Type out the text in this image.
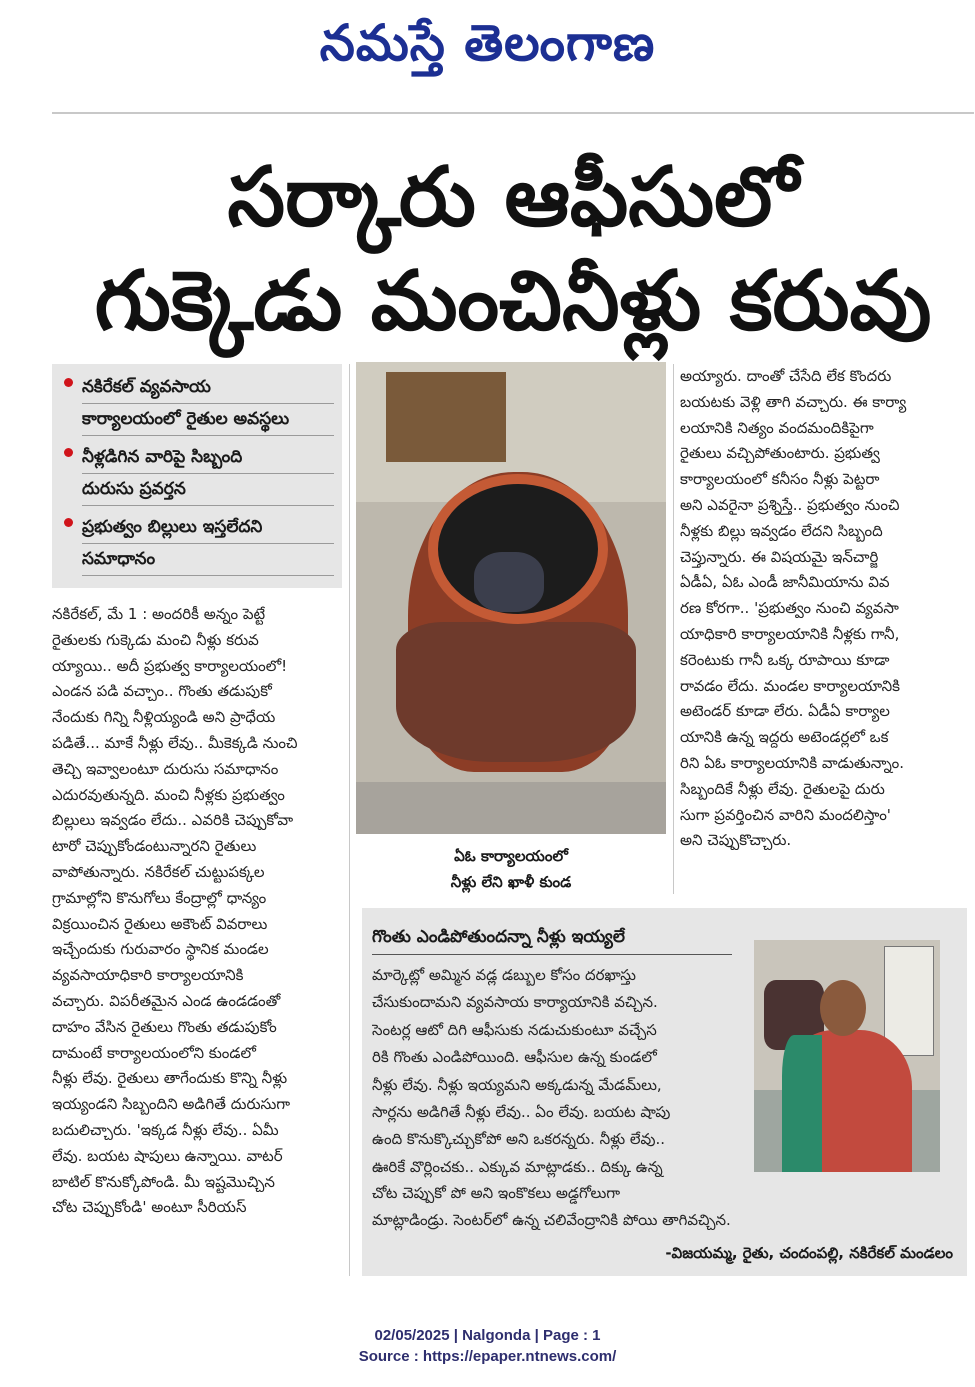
నమస్తే తెలంగాణ
సర్కారు ఆఫీసులో
గుక్కెడు మంచినీళ్లు కరువు
నకిరేకల్ వ్యవసాయ
కార్యాలయంలో రైతుల అవస్థలు
నీళ్లడిగిన వారిపై సిబ్బంది
దురుసు ప్రవర్తన
ప్రభుత్వం బిల్లులు ఇస్తలేదని
సమాధానం

నకిరేకల్, మే 1 : అందరికీ అన్నం పెట్టే

రైతులకు గుక్కెడు మంచి నీళ్లు కరువ

య్యాయి.. అదీ ప్రభుత్వ కార్యాలయంలో!

ఎండన పడి వచ్చాం.. గొంతు తడుపుకో

నేందుకు గిన్ని నీళ్లియ్యండి అని ప్రాధేయ

పడితే... మాకే నీళ్లు లేవు.. మీకెక్కడి నుంచి

తెచ్చి ఇవ్వాలంటూ దురుసు సమాధానం

ఎదురవుతున్నది. మంచి నీళ్లకు ప్రభుత్వం

బిల్లులు ఇవ్వడం లేదు.. ఎవరికి చెప్పుకోవా

టారో చెప్పుకోండంటున్నారని రైతులు

వాపోతున్నారు. నకిరేకల్ చుట్టుపక్కల

గ్రామాల్లోని కొనుగోలు కేంద్రాల్లో ధాన్యం

విక్రయించిన రైతులు అకౌంట్ వివరాలు

ఇచ్చేందుకు గురువారం స్థానిక మండల

వ్యవసాయాధికారి కార్యాలయానికి

వచ్చారు. విపరీతమైన ఎండ ఉండడంతో

దాహం వేసిన రైతులు గొంతు తడుపుకోం

దామంటే కార్యాలయంలోని కుండలో

నీళ్లు లేవు. రైతులు తాగేందుకు కొన్ని నీళ్లు

ఇయ్యండని సిబ్బందిని అడిగితే దురుసుగా

బదులిచ్చారు. 'ఇక్కడ నీళ్లు లేవు.. ఏమీ

లేవు. బయట షాపులు ఉన్నాయి. వాటర్

బాటిల్ కొనుక్కోపోండి. మీ ఇష్టమొచ్చిన

చోట చెప్పుకోండి' అంటూ సీరియస్

ఏఓ కార్యాలయంలో
నీళ్లు లేని ఖాళీ కుండ

అయ్యారు. దాంతో చేసేది లేక కొందరు

బయటకు వెళ్లి తాగి వచ్చారు. ఈ కార్యా

లయానికి నిత్యం వందమందికిపైగా

రైతులు వచ్చిపోతుంటారు. ప్రభుత్వ

కార్యాలయంలో కనీసం నీళ్లు పెట్టరా

అని ఎవరైనా ప్రశ్నిస్తే.. ప్రభుత్వం నుంచి

నీళ్లకు బిల్లు ఇవ్వడం లేదని సిబ్బంది

చెప్తున్నారు. ఈ విషయమై ఇన్‌చార్జి

ఏడీఏ, ఏఓ ఎండీ జానీమియాను వివ

రణ కోరగా.. 'ప్రభుత్వం నుంచి వ్యవసా

యాధికారి కార్యాలయానికి నీళ్లకు గానీ,

కరెంటుకు గానీ ఒక్క రూపాయి కూడా

రావడం లేదు. మండల కార్యాలయానికి

అటెండర్ కూడా లేరు. ఏడీఏ కార్యాల

యానికి ఉన్న ఇద్దరు అటెండర్లలో ఒక

రిని ఏఓ కార్యాలయానికి వాడుతున్నాం.

సిబ్బందికే నీళ్లు లేవు. రైతులపై దురు

సుగా ప్రవర్తించిన వారిని మందలిస్తాం'

అని చెప్పుకొచ్చారు.

గొంతు ఎండిపోతుందన్నా నీళ్లు ఇయ్యలే

మార్కెట్లో అమ్మిన వడ్ల డబ్బుల కోసం దరఖాస్తు

చేసుకుందామని వ్యవసాయ కార్యాయానికి వచ్చిన.

సెంటర్ల ఆటో దిగి ఆఫీసుకు నడుచుకుంటూ వచ్చేస

రికి గొంతు ఎండిపోయింది. ఆఫీసుల ఉన్న కుండలో

నీళ్లు లేవు. నీళ్లు ఇయ్యమని అక్కడున్న మేడమ్‌లు,

సార్లను అడిగితే నీళ్లు లేవు.. ఏం లేవు. బయట షాపు

ఉంది కొనుక్కొచ్చుకోపో అని ఒకరన్నరు. నీళ్లు లేవు..

ఊరికే వొర్లించకు.. ఎక్కువ మాట్లాడకు.. దిక్కు ఉన్న

చోట చెప్పుకో పో అని ఇంకొకలు అడ్డగోలుగా

మాట్లాడిండ్రు. సెంటర్‌లో ఉన్న చలివేంద్రానికి పోయి తాగివచ్చిన.

-విజయమ్మ, రైతు, చందంపల్లి, నకిరేకల్ మండలం
02/05/2025 | Nalgonda | Page : 1
Source : https://epaper.ntnews.com/
